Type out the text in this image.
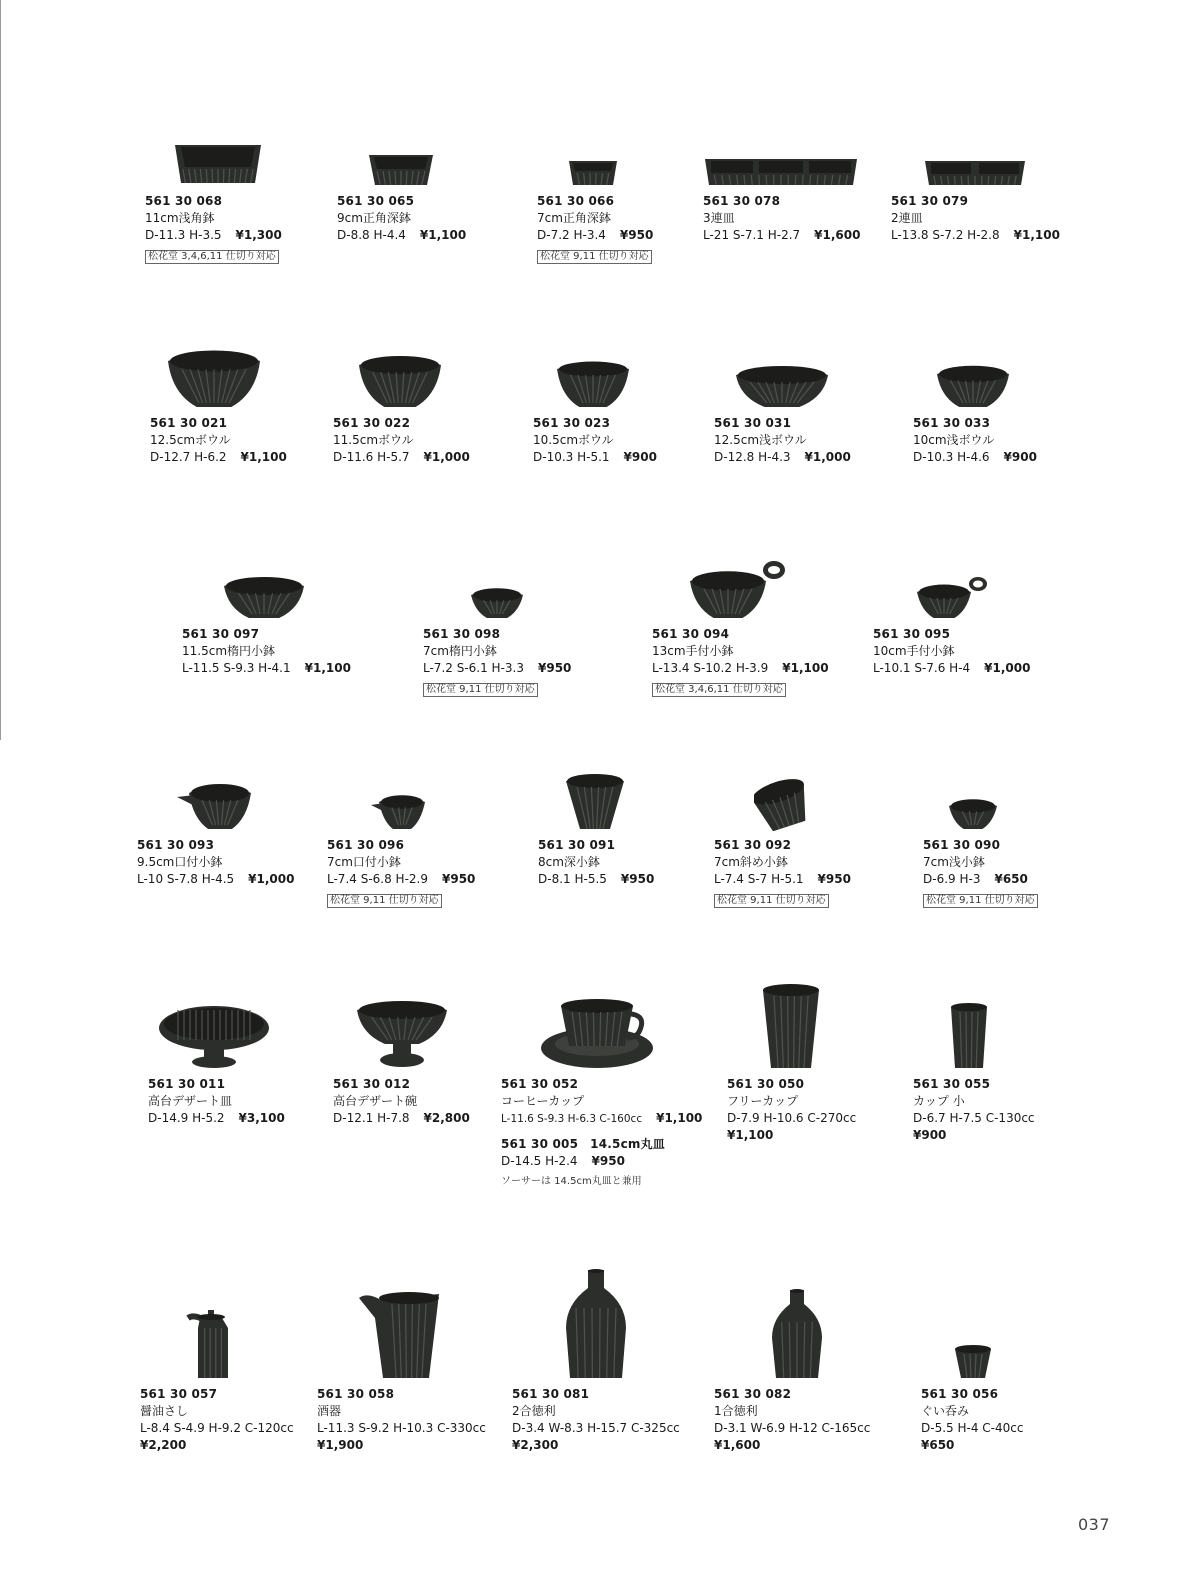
561 30 068
11cm浅角鉢
D-11.3 H-3.5 ¥1,300
松花堂 3,4,6,11 仕切り対応
561 30 065
9cm正角深鉢
D-8.8 H-4.4 ¥1,100
561 30 066
7cm正角深鉢
D-7.2 H-3.4 ¥950
松花堂 9,11 仕切り対応
561 30 078
3連皿
L-21 S-7.1 H-2.7 ¥1,600
561 30 079
2連皿
L-13.8 S-7.2 H-2.8 ¥1,100
561 30 021
12.5cmボウル
D-12.7 H-6.2 ¥1,100
561 30 022
11.5cmボウル
D-11.6 H-5.7 ¥1,000
561 30 023
10.5cmボウル
D-10.3 H-5.1 ¥900
561 30 031
12.5cm浅ボウル
D-12.8 H-4.3 ¥1,000
561 30 033
10cm浅ボウル
D-10.3 H-4.6 ¥900
561 30 097
11.5cm楕円小鉢
L-11.5 S-9.3 H-4.1 ¥1,100
561 30 098
7cm楕円小鉢
L-7.2 S-6.1 H-3.3 ¥950
松花堂 9,11 仕切り対応
561 30 094
13cm手付小鉢
L-13.4 S-10.2 H-3.9 ¥1,100
松花堂 3,4,6,11 仕切り対応
561 30 095
10cm手付小鉢
L-10.1 S-7.6 H-4 ¥1,000
561 30 093
9.5cm口付小鉢
L-10 S-7.8 H-4.5 ¥1,000
561 30 096
7cm口付小鉢
L-7.4 S-6.8 H-2.9 ¥950
松花堂 9,11 仕切り対応
561 30 091
8cm深小鉢
D-8.1 H-5.5 ¥950
561 30 092
7cm斜め小鉢
L-7.4 S-7 H-5.1 ¥950
松花堂 9,11 仕切り対応
561 30 090
7cm浅小鉢
D-6.9 H-3 ¥650
松花堂 9,11 仕切り対応
561 30 011
高台デザート皿
D-14.9 H-5.2 ¥3,100
561 30 012
高台デザート碗
D-12.1 H-7.8 ¥2,800
561 30 052
コーヒーカップ
L-11.6 S-9.3 H-6.3 C-160cc ¥1,100
561 30 005 14.5cm丸皿
D-14.5 H-2.4 ¥950
ソーサーは 14.5cm丸皿と兼用
561 30 050
フリーカップ
D-7.9 H-10.6 C-270cc
¥1,100
561 30 055
カップ 小
D-6.7 H-7.5 C-130cc
¥900
561 30 057
醤油さし
L-8.4 S-4.9 H-9.2 C-120cc
¥2,200
561 30 058
酒器
L-11.3 S-9.2 H-10.3 C-330cc
¥1,900
561 30 081
2合徳利
D-3.4 W-8.3 H-15.7 C-325cc
¥2,300
561 30 082
1合徳利
D-3.1 W-6.9 H-12 C-165cc
¥1,600
561 30 056
ぐい呑み
D-5.5 H-4 C-40cc
¥650
037
